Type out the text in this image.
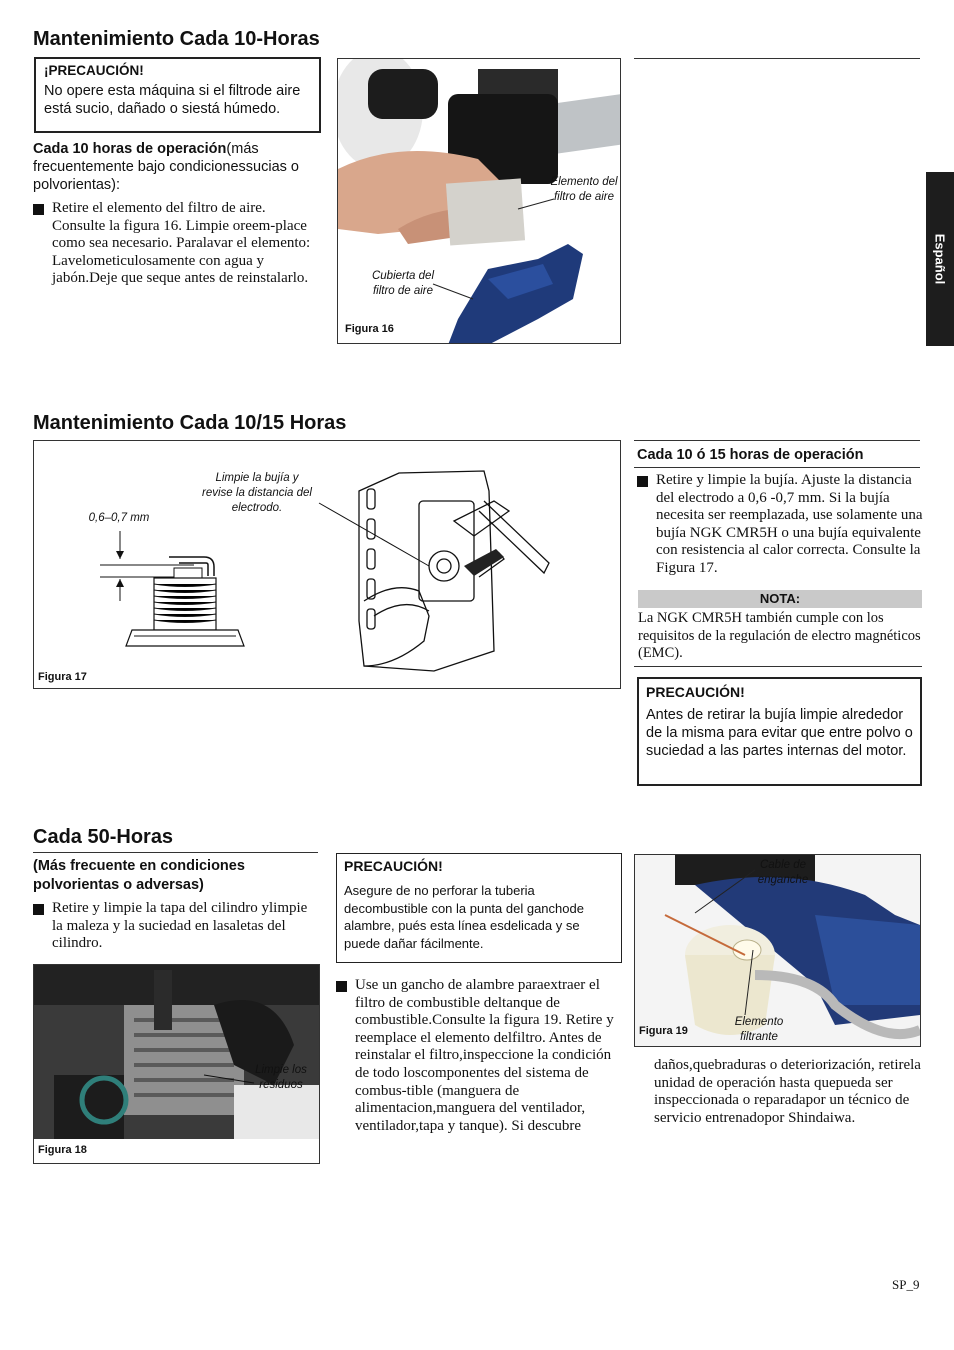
Español
Mantenimiento Cada 10-Horas
¡PRECAUCIÓN!
No opere esta máquina si el filtrode aire está sucio, dañado o siestá húmedo.
Cada 10 horas de operación(más frecuentemente bajo condicionessucias o polvorientas):
Retire el elemento del filtro de aire. Consulte la figura 16. Limpie oreem-place como sea necesario. Paralavar el elemento: Lavelometiculosamente con agua y jabón.Deje que seque antes de reinstalarlo.
Elemento del filtro de aire
Cubierta del filtro de aire
Figura 16
Mantenimiento Cada 10/15 Horas
0,6–0,7 mm
Limpie la bujía y revise la distancia del electrodo.
Figura 17
Cada 10 ó 15 horas de operación
Retire y limpie la bujía. Ajuste la distancia del electrodo a 0,6 -0,7 mm. Si la bujía necesita ser reemplazada, use solamente una bujía NGK CMR5H o una bujía equivalente con resistencia al calor correcta. Consulte la Figura 17.
NOTA:
La NGK CMR5H también cumple con los requisitos de la regulación de electro magnéticos (EMC).
PRECAUCIÓN!
Antes de retirar la bujía limpie alrededor de la misma para evitar que entre polvo o suciedad a las partes internas del motor.
Cada 50-Horas
(Más frecuente en condiciones polvorientas o adversas)
Retire y limpie la tapa del cilindro ylimpie la maleza y la suciedad en lasaletas del cilindro.
Limpie los residuos
Figura 18
PRECAUCIÓN!
Asegure de no perforar la tuberia decombustible con la punta del ganchode alambre, pués esta línea esdelicada y se puede dañar fácilmente.
Use un gancho de alambre paraextraer el filtro de combustible deltanque de combustible.Consulte la figura 19. Retire y reemplace el elemento delfiltro. Antes de reinstalar el filtro,inspeccione la condición de todo loscomponentes del sistema de combus-tible (manguera de alimentacion,manguera del ventilador, ventilador,tapa y tanque). Si descubre
Cable de enganche
Elemento filtrante
Figura 19
daños,quebraduras o deteriorización, retirela unidad de operación hasta quepueda ser inspeccionada o reparadapor un técnico de servicio entrenadopor Shindaiwa.
SP_9
